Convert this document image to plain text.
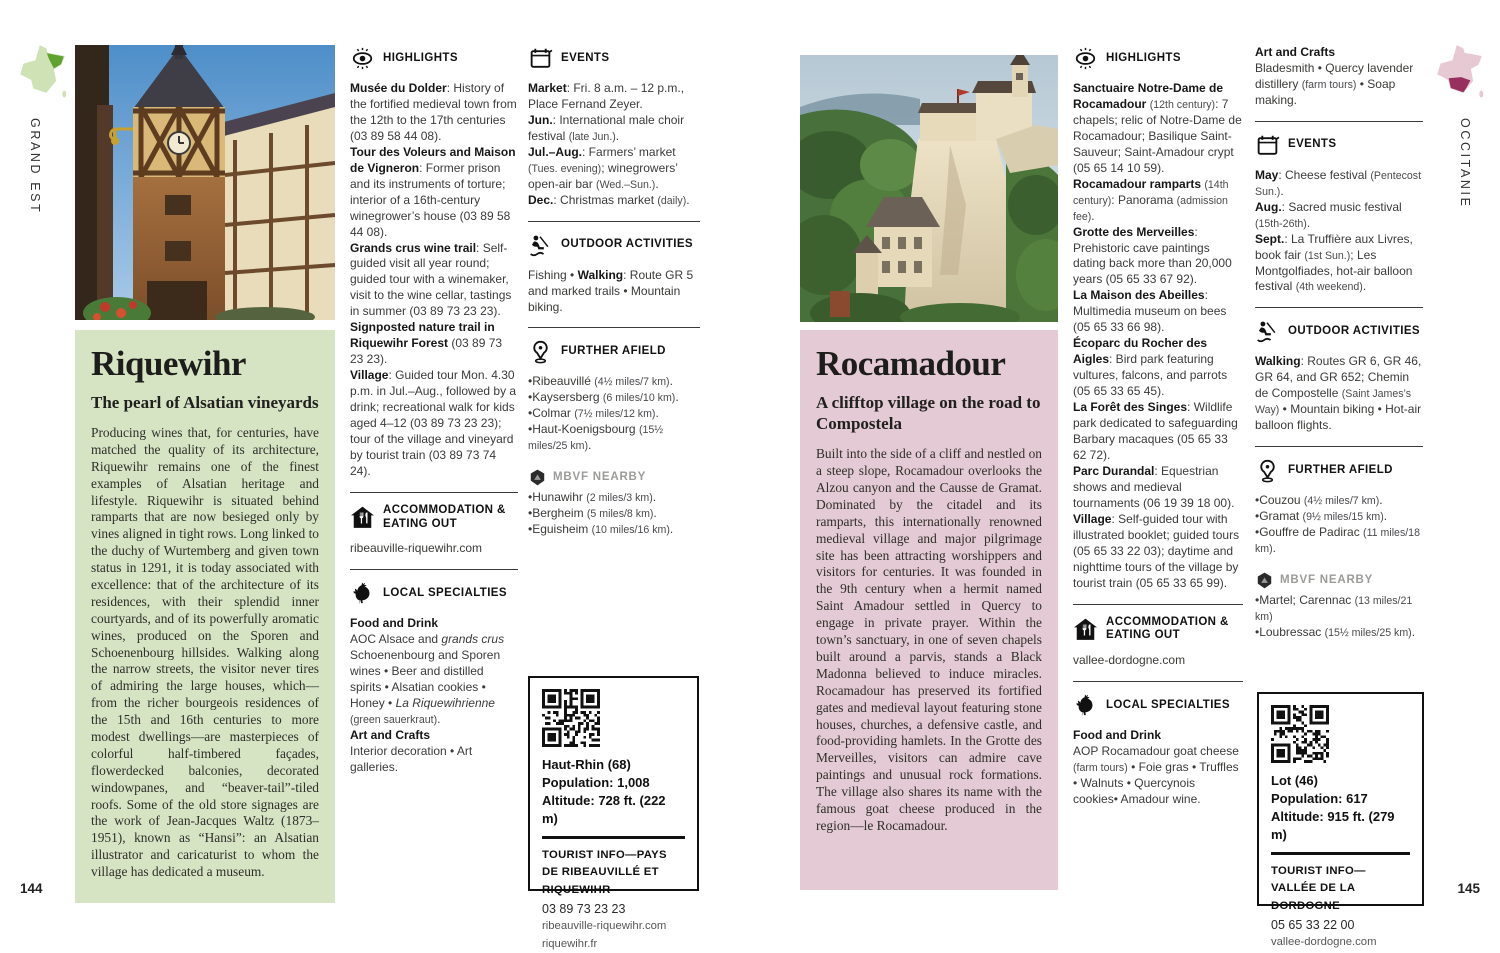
GRAND EST
144
OCCITANIE
145
Riquewihr
The pearl of Alsatian vineyards

Producing wines that, for centuries, have matched the quality of its architecture, Riquewihr remains one of the finest examples of Alsatian heritage and lifestyle. Riquewihr is situated behind ramparts that are now besieged only by vines aligned in tight rows. Long linked to the duchy of Wurtemberg and given town status in 1291, it is today associated with excellence: that of the architecture of its residences, with their splendid inner courtyards, and of its powerfully aromatic wines, produced on the Sporen and Schoenenbourg hillsides. Walking along the narrow streets, the visitor never tires of admiring the large houses, which—from the richer bourgeois residences of the 15th and 16th centuries to more modest dwellings—are masterpieces of colorful half-timbered façades, flowerdecked balconies, decorated windowpanes, and “beaver-tail”-tiled roofs. Some of the old store signages are the work of Jean-Jacques Waltz (1873–1951), known as “Hansi”: an Alsatian illustrator and caricaturist to whom the village has dedicated a museum.

HIGHLIGHTS

Musée du Dolder: History of the fortified medieval town from the 12th to the 17th centuries (03 89 58 44 08).

Tour des Voleurs and Maison de Vigneron: Former prison and its instruments of torture; interior of a 16th-century winegrower’s house (03 89 58 44 08).

Grands crus wine trail: Self-guided visit all year round; guided tour with a winemaker, visit to the wine cellar, tastings in summer (03 89 73 23 23).

Signposted nature trail in Riquewihr Forest (03 89 73 23 23).

Village: Guided tour Mon. 4.30 p.m. in Jul.–Aug., followed by a drink; recreational walk for kids aged 4–12 (03 89 73 23 23); tour of the village and vineyard by tourist train (03 89 73 74 24).

ACCOMMODATION & EATING OUT

ribeauville-riquewihr.com

LOCAL SPECIALTIES

Food and Drink

AOC Alsace and grands crus Schoenenbourg and Sporen wines • Beer and distilled spirits • Alsatian cookies • Honey • La Riquewihrienne (green sauerkraut).

Art and Crafts

Interior decoration • Art galleries.

EVENTS

Market: Fri. 8 a.m. – 12 p.m., Place Fernand Zeyer.

Jun.: International male choir festival (late Jun.).

Jul.–Aug.: Farmers’ market (Tues. evening); winegrowers’ open-air bar (Wed.–Sun.).

Dec.: Christmas market (daily).

OUTDOOR ACTIVITIES

Fishing • Walking: Route GR 5 and marked trails • Mountain biking.

FURTHER AFIELD

•Ribeauvillé (4½ miles/7 km).

•Kaysersberg (6 miles/10 km).

•Colmar (7½ miles/12 km).

•Haut-Koenigsbourg (15½ miles/25 km).

MBVF NEARBY

•Hunawihr (2 miles/3 km).

•Bergheim (5 miles/8 km).

•Eguisheim (10 miles/16 km).

Haut-Rhin (68)
Population: 1,008
Altitude: 728 ft. (222 m)
TOURIST INFO—PAYS DE RIBEAUVILLÉ ET RIQUEWIHR
03 89 73 23 23
ribeauville-riquewihr.com
riquewihr.fr
Rocamadour
A clifftop village on the road to Compostela

Built into the side of a cliff and nestled on a steep slope, Rocamadour overlooks the Alzou canyon and the Causse de Gramat. Dominated by the citadel and its ramparts, this internationally renowned medieval village and major pilgrimage site has been attracting worshippers and visitors for centuries. It was founded in the 9th century when a hermit named Saint Amadour settled in Quercy to engage in private prayer. Within the town’s sanctuary, in one of seven chapels built around a parvis, stands a Black Madonna believed to induce miracles. Rocamadour has preserved its fortified gates and medieval layout featuring stone houses, churches, a defensive castle, and food-providing hamlets. In the Grotte des Merveilles, visitors can admire cave paintings and unusual rock formations. The village also shares its name with the famous goat cheese produced in the region—le Rocamadour.

HIGHLIGHTS

Sanctuaire Notre-Dame de Rocamadour (12th century): 7 chapels; relic of Notre-Dame de Rocamadour; Basilique Saint-Sauveur; Saint-Amadour crypt (05 65 14 10 59).

Rocamadour ramparts (14th century): Panorama (admission fee).

Grotte des Merveilles: Prehistoric cave paintings dating back more than 20,000 years (05 65 33 67 92).

La Maison des Abeilles: Multimedia museum on bees (05 65 33 66 98).

Écoparc du Rocher des Aigles: Bird park featuring vultures, falcons, and parrots (05 65 33 65 45).

La Forêt des Singes: Wildlife park dedicated to safeguarding Barbary macaques (05 65 33 62 72).

Parc Durandal: Equestrian shows and medieval tournaments (06 19 39 18 00).

Village: Self-guided tour with illustrated booklet; guided tours (05 65 33 22 03); daytime and nighttime tours of the village by tourist train (05 65 33 65 99).

ACCOMMODATION & EATING OUT

vallee-dordogne.com

LOCAL SPECIALTIES

Food and Drink

AOP Rocamadour goat cheese (farm tours) • Foie gras • Truffles • Walnuts • Quercynois cookies• Amadour wine.

Art and Crafts

Bladesmith • Quercy lavender distillery (farm tours) • Soap making.

EVENTS

May: Cheese festival (Pentecost Sun.).

Aug.: Sacred music festival (15th-26th).

Sept.: La Truffière aux Livres, book fair (1st Sun.); Les Montgolfiades, hot-air balloon festival (4th weekend).

OUTDOOR ACTIVITIES

Walking: Routes GR 6, GR 46, GR 64, and GR 652; Chemin de Compostelle (Saint James’s Way) • Mountain biking • Hot-air balloon flights.

FURTHER AFIELD

•Couzou (4½ miles/7 km).

•Gramat (9½ miles/15 km).

•Gouffre de Padirac (11 miles/18 km).

MBVF NEARBY

•Martel; Carennac (13 miles/21 km)

•Loubressac (15½ miles/25 km).

Lot (46)
Population: 617
Altitude: 915 ft. (279 m)
TOURIST INFO—VALLÉE DE LA DORDOGNE
05 65 33 22 00
vallee-dordogne.com
